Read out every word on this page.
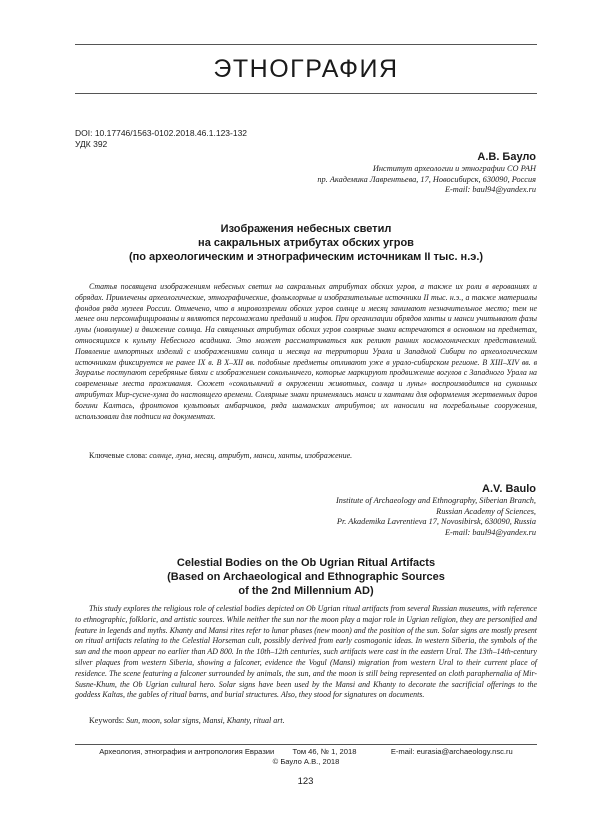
ЭТНОГРАФИЯ
DOI: 10.17746/1563-0102.2018.46.1.123-132
УДК 392
А.В. Бауло
Институт археологии и этнографии СО РАН
пр. Академика Лаврентьева, 17, Новосибирск, 630090, Россия
E-mail: baul94@yandex.ru
Изображения небесных светил
на сакральных атрибутах обских угров
(по археологическим и этнографическим источникам II тыс. н.э.)

Статья посвящена изображениям небесных светил на сакральных атрибутах обских угров, а также их роли в верованиях и обрядах. Привлечены археологические, этнографические, фольклорные и изобразительные источники II тыс. н.э., а также материалы фондов ряда музеев России. Отмечено, что в мировоззрении обских угров солнце и месяц занимают незначительное место; тем не менее они персонифицированы и являются персонажами преданий и мифов. При организации обрядов ханты и манси учитывают фазы луны (новолуние) и движение солнца. На священных атрибутах обских угров солярные знаки встречаются в основном на предметах, относящихся к культу Небесного всадника. Это может рассматриваться как реликт ранних космогонических представлений. Появление импортных изделий с изображениями солнца и месяца на территории Урала и Западной Сибири по археологическим источникам фиксируется не ранее IX в. В X–XII вв. подобные предметы отливают уже в урало-сибирском регионе. В XIII–XIV вв. в Зауралье поступают серебряные бляхи с изображением сокольничего, которые маркируют продвижение вогулов с Западного Урала на современные места проживания. Сюжет «сокольничий в окружении животных, солнца и луны» воспроизводится на суконных атрибутах Мир-сусне-хума до настоящего времени. Солярные знаки применялись манси и хантами для оформления жертвенных даров богини Калтась, фронтонов культовых амбарчиков, ряда шаманских атрибутов; их наносили на погребальные сооружения, использовали для подписи на документах.

Ключевые слова: солнце, луна, месяц, атрибут, манси, ханты, изображение.
A.V. Baulo
Institute of Archaeology and Ethnography, Siberian Branch,
Russian Academy of Sciences,
Pr. Akademika Lavrentieva 17, Novosibirsk, 630090, Russia
E-mail: baul94@yandex.ru
Celestial Bodies on the Ob Ugrian Ritual Artifacts
(Based on Archaeological and Ethnographic Sources
of the 2nd Millennium AD)

This study explores the religious role of celestial bodies depicted on Ob Ugrian ritual artifacts from several Russian museums, with reference to ethnographic, folkloric, and artistic sources. While neither the sun nor the moon play a major role in Ugrian religion, they are personified and feature in legends and myths. Khanty and Mansi rites refer to lunar phases (new moon) and the position of the sun. Solar signs are mostly present on ritual artifacts relating to the Celestial Horseman cult, possibly derived from early cosmogonic ideas. In western Siberia, the symbols of the sun and the moon appear no earlier than AD 800. In the 10th–12th centuries, such artifacts were cast in the eastern Ural. The 13th–14th-century silver plaques from western Siberia, showing a falconer, evidence the Vogul (Mansi) migration from western Ural to their current place of residence. The scene featuring a falconer surrounded by animals, the sun, and the moon is still being represented on cloth paraphernalia of Mir-Susne-Khum, the Ob Ugrian cultural hero. Solar signs have been used by the Mansi and Khanty to decorate the sacrificial offerings to the goddess Kaltas, the gables of ritual barns, and burial structures. Also, they stood for signatures on documents.

Keywords: Sun, moon, solar signs, Mansi, Khanty, ritual art.
Археология, этнография и антропология Евразии Том 46, № 1, 2018	E-mail: eurasia@archaeology.nsc.ru
© Бауло А.В., 2018
123
